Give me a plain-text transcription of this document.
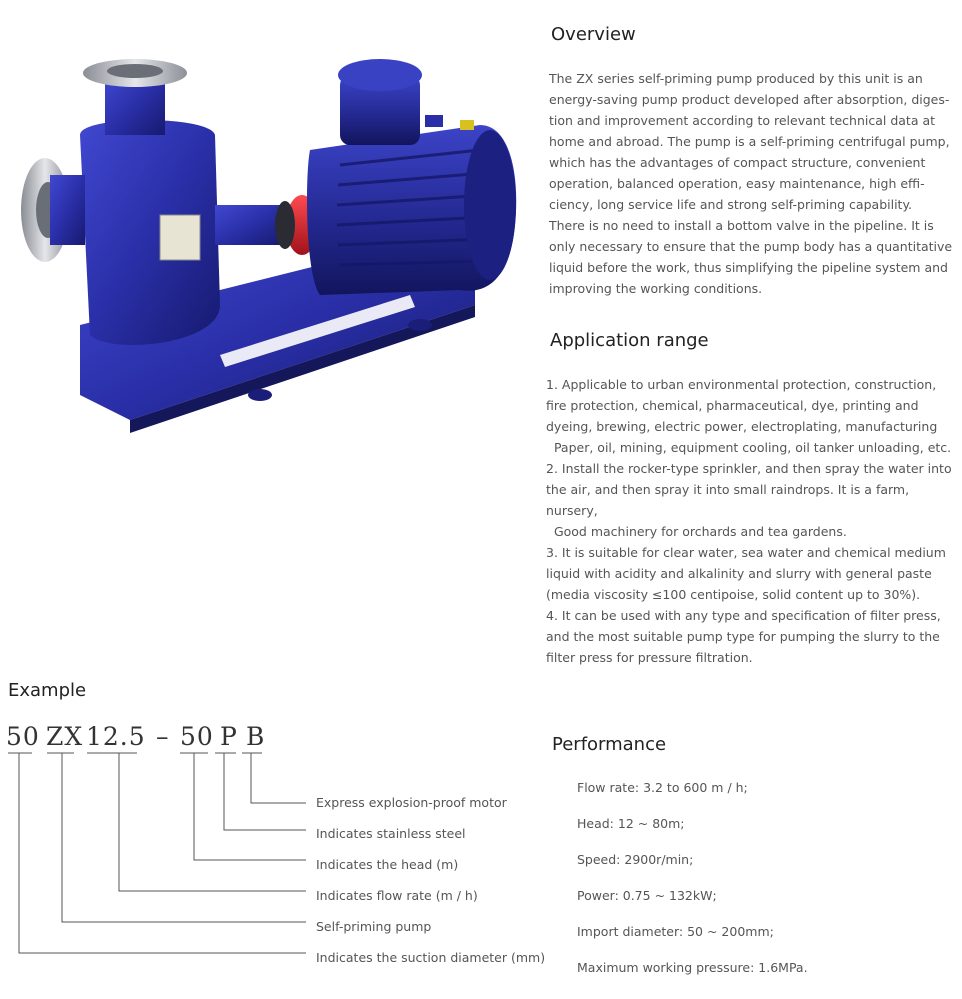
Overview

The ZX series self-priming pump produced by this unit is an

energy-saving pump product developed after absorption, diges-

tion and improvement according to relevant technical data at

home and abroad. The pump is a self-priming centrifugal pump,

which has the advantages of compact structure, convenient

operation, balanced operation, easy maintenance, high effi-

ciency, long service life and strong self-priming capability.

There is no need to install a bottom valve in the pipeline. It is

only necessary to ensure that the pump body has a quantitative

liquid before the work, thus simplifying the pipeline system and

improving the working conditions.

Application range

1. Applicable to urban environmental protection, construction,

fire protection, chemical, pharmaceutical, dye, printing and

dyeing, brewing, electric power, electroplating, manufacturing

Paper, oil, mining, equipment cooling, oil tanker unloading, etc.

2. Install the rocker-type sprinkler, and then spray the water into

the air, and then spray it into small raindrops. It is a farm,

nursery,

Good machinery for orchards and tea gardens.

3. It is suitable for clear water, sea water and chemical medium

liquid with acidity and alkalinity and slurry with general paste

(media viscosity ≤100 centipoise, solid content up to 30%).

4. It can be used with any type and specification of filter press,

and the most suitable pump type for pumping the slurry to the

filter press for pressure filtration.

Example
50 ZX 12.5 – 50 P B
Express explosion-proof motor
Indicates stainless steel
Indicates the head (m)
Indicates flow rate (m / h)
Self-priming pump
Indicates the suction diameter (mm)
Performance
Flow rate: 3.2 to 600 m / h;
Head: 12 ~ 80m;
Speed: 2900r/min;
Power: 0.75 ~ 132kW;
Import diameter: 50 ~ 200mm;
Maximum working pressure: 1.6MPa.
